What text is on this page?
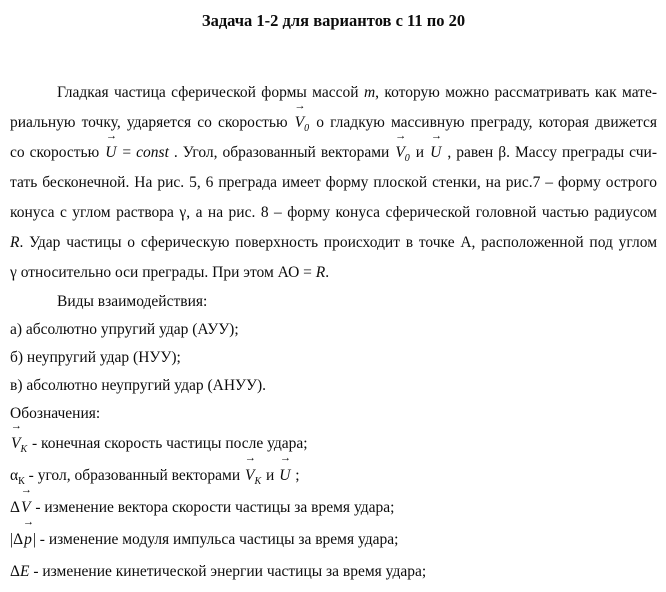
Задача 1-2 для вариантов с 11 по 20
Гладкая частица сферической формы массой m, которую можно рассматривать как мате-
риальную точку, ударяется со скоростью V
→
$_0$ о гладкую массивную преграду, которая движется
со скоростью U
→
= const . Угол, образованный векторами V
→
$_0$ и U
→
, равен β. Массу преграды счи-
тать бесконечной. На рис. 5, 6 преграда имеет форму плоской стенки, на рис.7 – форму острого
конуса с углом раствора γ, а на рис. 8 – форму конуса сферической головной частью радиусом
R. Удар частицы о сферическую поверхность происходит в точке А, расположенной под углом
γ относительно оси преграды. При этом АО = R.
Виды взаимодействия:
а) абсолютно упругий удар (АУУ);
б) неупругий удар (НУУ);
в) абсолютно неупругий удар (АНУУ).
Обозначения:
V
→
$_К$ - конечная скорость частицы после удара;
$\alpha_К$ - угол, образованный векторами V
→
$_К$ и U
→
;
ΔV
→
- изменение вектора скорости частицы за время удара;
|Δp
→
| - изменение модуля импульса частицы за время удара;
ΔE - изменение кинетической энергии частицы за время удара;
